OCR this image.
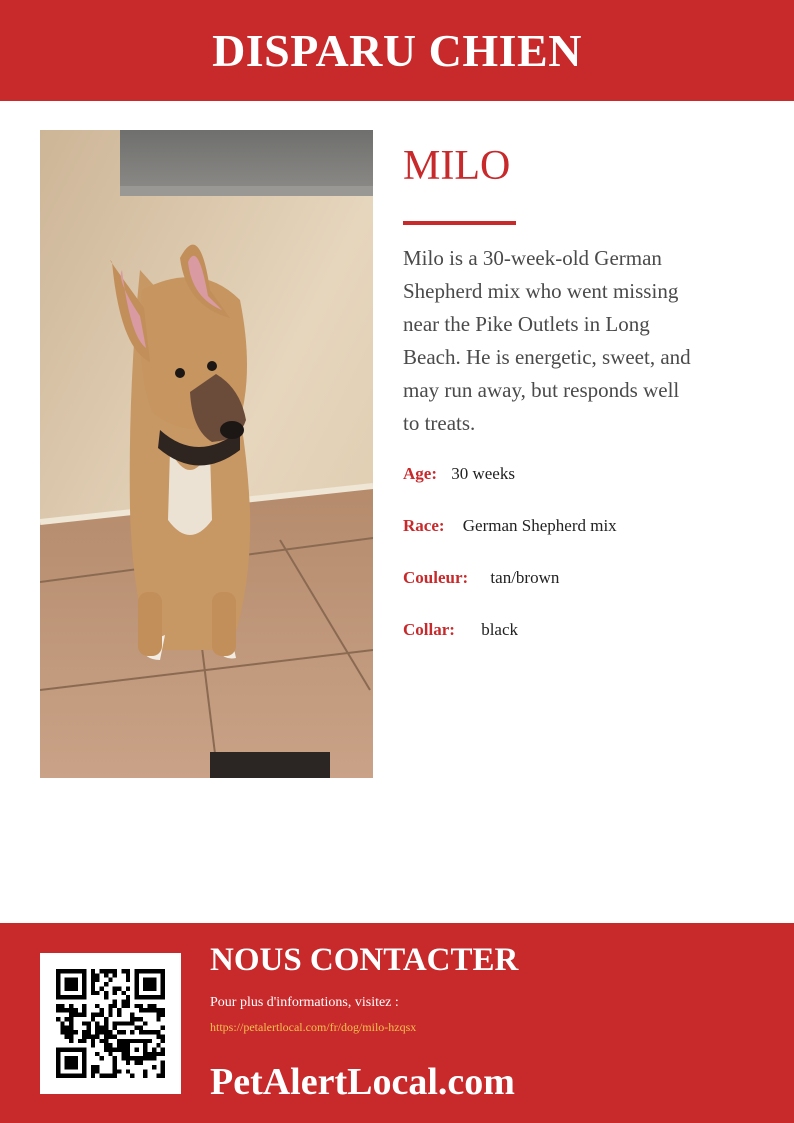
DISPARU CHIEN
MILO

Milo is a 30-week-old German Shepherd mix who went missing near the Pike Outlets in Long Beach. He is energetic, sweet, and may run away, but responds well to treats.

Age: 30 weeks
Race: German Shepherd mix
Couleur: tan/brown
Collar: black
NOUS CONTACTER
Pour plus d'informations, visitez :
https://petalertlocal.com/fr/dog/milo-hzqsx
PetAlertLocal.com
